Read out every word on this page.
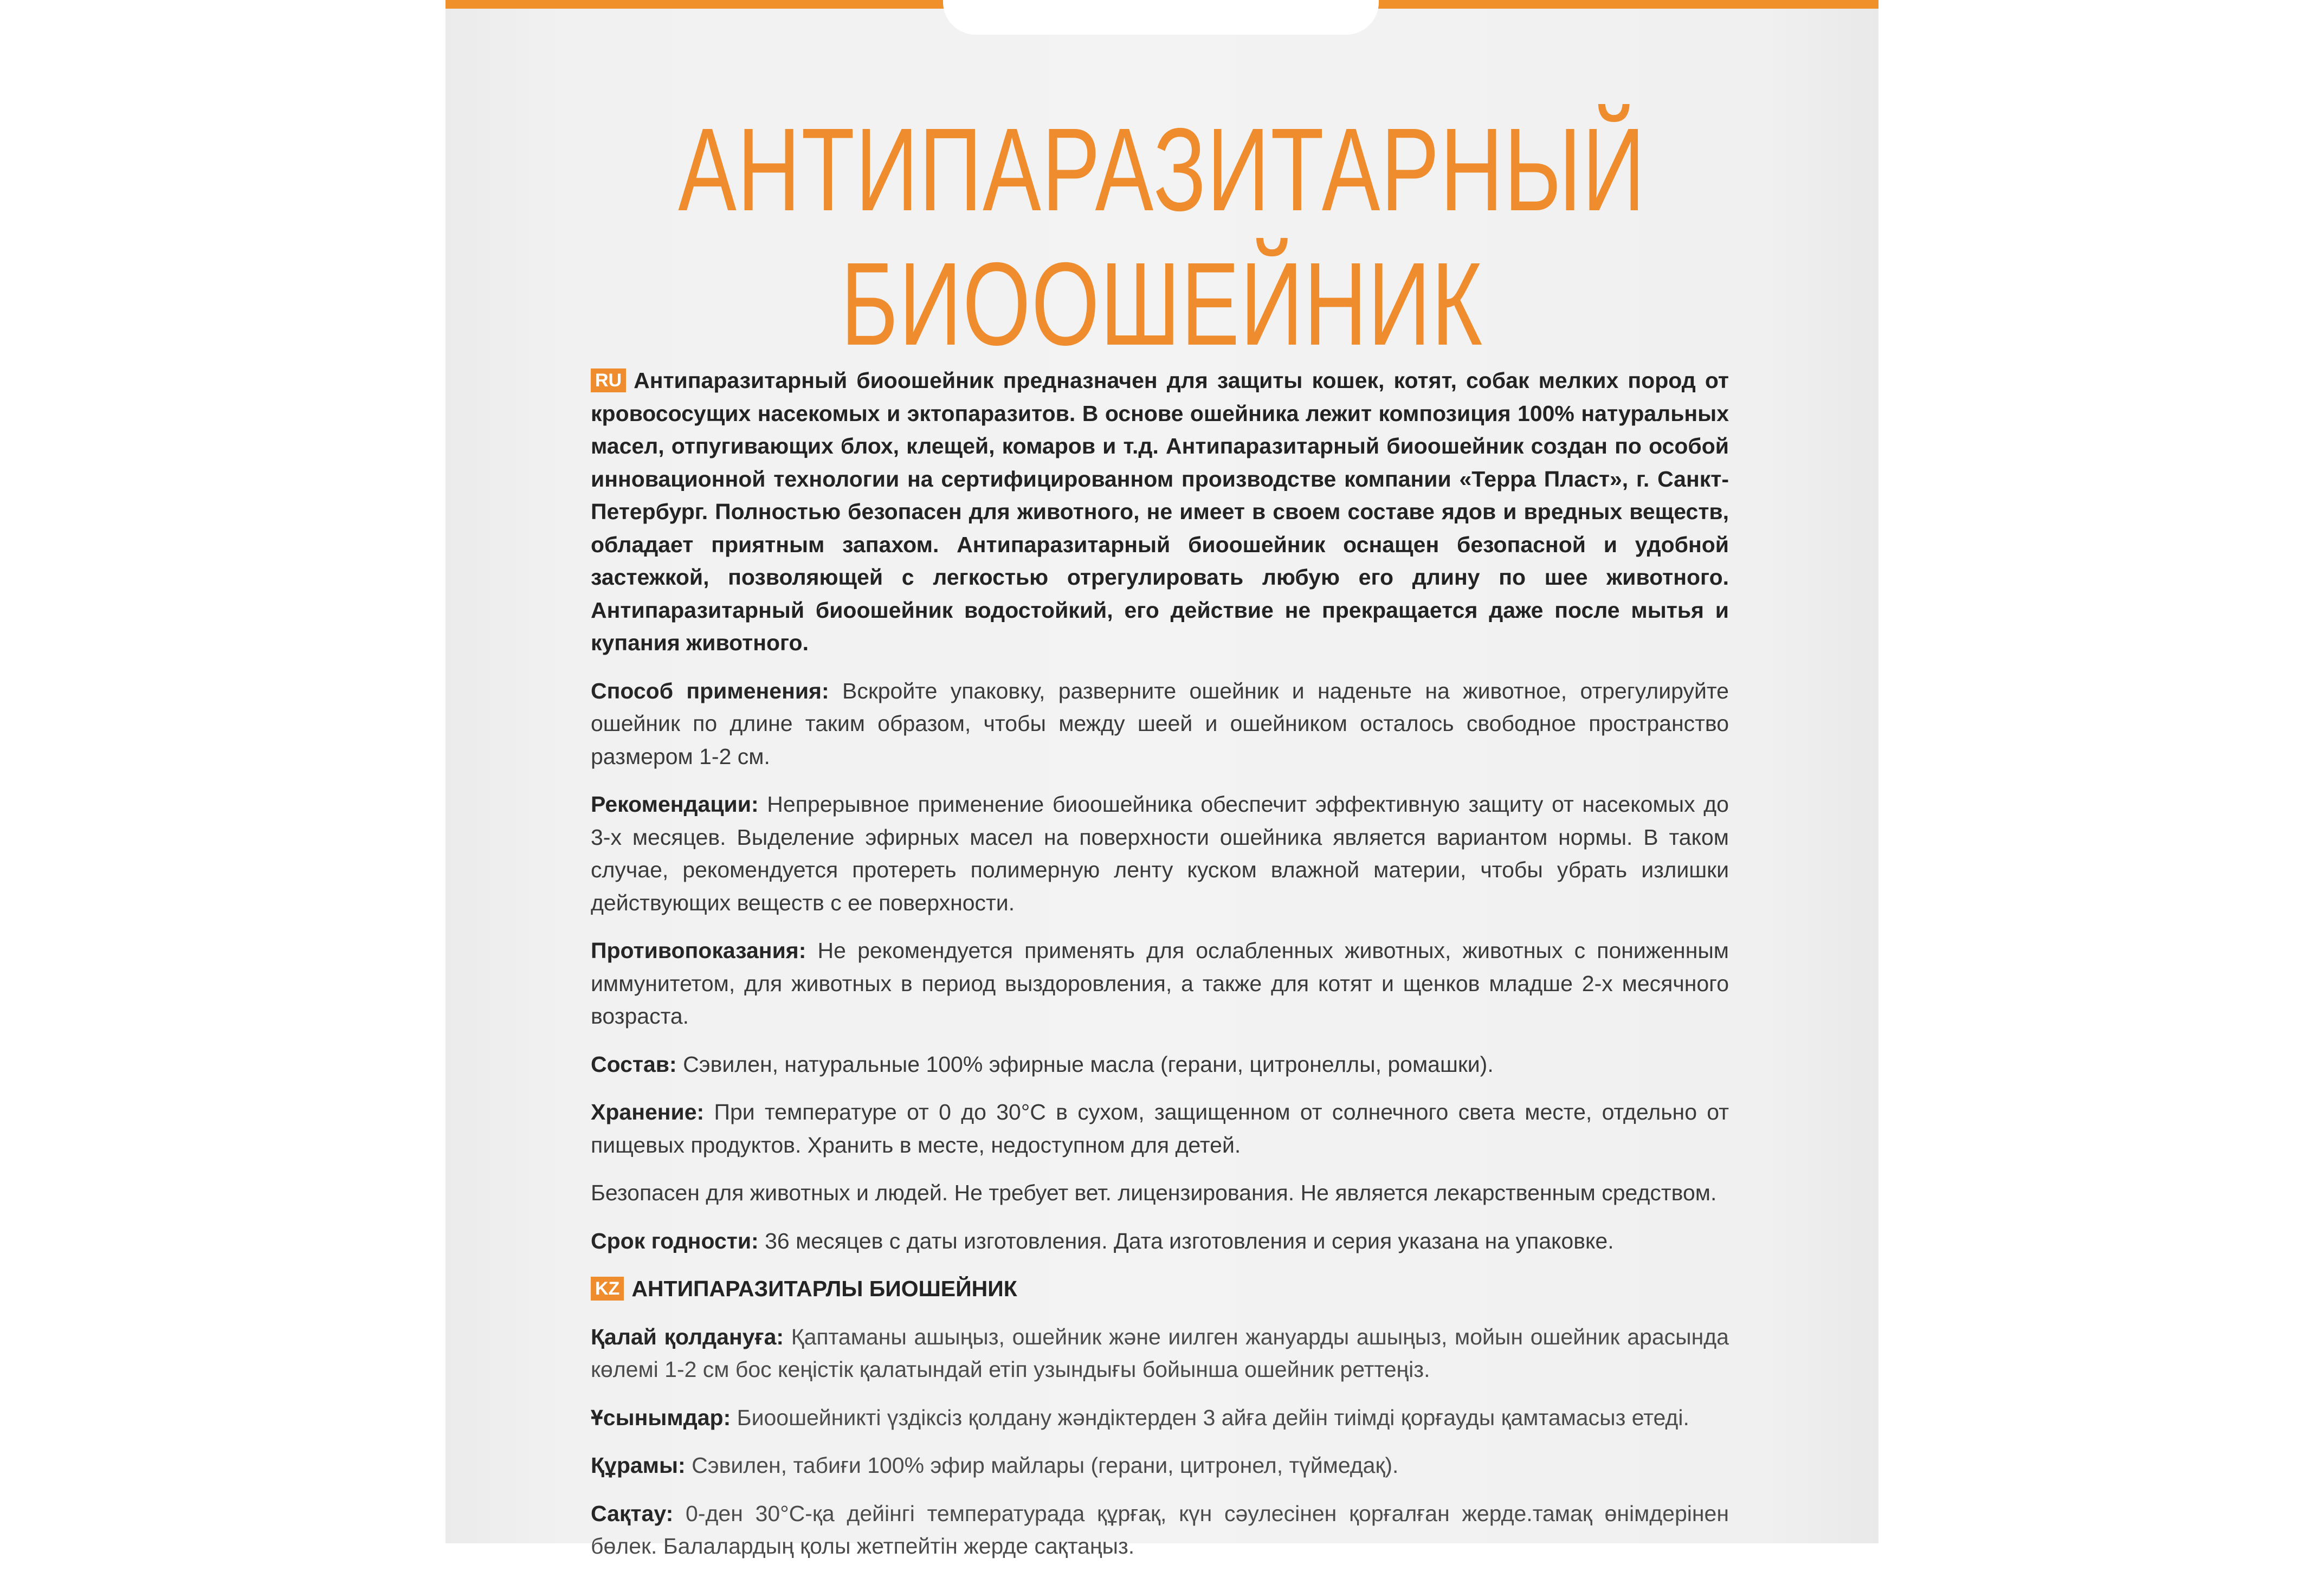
АНТИПАРАЗИТАРНЫЙ
БИООШЕЙНИК

RU Антипаразитарный биоошейник предназначен для защиты кошек, котят, собак мелких пород от кровососущих насекомых и эктопаразитов. В основе ошейника лежит композиция 100% натуральных масел, отпугивающих блох, клещей, комаров и т.д. Антипаразитарный биоошейник создан по особой инновационной технологии на сертифицированном производстве компании «Терра Пласт», г. Санкт-Петербург. Полностью безопасен для животного, не имеет в своем составе ядов и вредных веществ, обладает приятным запахом. Антипаразитарный биоошейник оснащен безопасной и удобной застежкой, позволяющей с легкостью отрегулировать любую его длину по шее животного. Антипаразитарный биоошейник водостойкий, его действие не прекращается даже после мытья и купания животного.

Способ применения: Вскройте упаковку, разверните ошейник и наденьте на животное, отрегулируйте ошейник по длине таким образом, чтобы между шеей и ошейником осталось свободное пространство размером 1-2 см.

Рекомендации: Непрерывное применение биоошейника обеспечит эффективную защиту от насекомых до 3-х месяцев. Выделение эфирных масел на поверхности ошейника является вариантом нормы. В таком случае, рекомендуется протереть полимерную ленту куском влажной материи, чтобы убрать излишки действующих веществ с ее поверхности.

Противопоказания: Не рекомендуется применять для ослабленных животных, животных с пониженным иммунитетом, для животных в период выздоровления, а также для котят и щенков младше 2-х месячного возраста.

Состав: Сэвилен, натуральные 100% эфирные масла (герани, цитронеллы, ромашки).

Хранение: При температуре от 0 до 30°С в сухом, защищенном от солнечного света месте, отдельно от пищевых продуктов. Хранить в месте, недоступном для детей.

Безопасен для животных и людей. Не требует вет. лицензирования. Не является лекарственным средством.

Срок годности: 36 месяцев с даты изготовления. Дата изготовления и серия указана на упаковке.

KZ АНТИПАРАЗИТАРЛЫ БИОШЕЙНИК

Қалай қолдануға: Қаптаманы ашыңыз, ошейник және иилген жануарды ашыңыз, мойын ошейник арасында көлемі 1-2 см бос кеңістік қалатындай етіп узындығы бойынша ошейник реттеңіз.

Ұсынымдар: Биоошейникті үздіксіз қолдану жәндіктерден 3 айға дейін тиімді қорғауды қамтамасыз етеді.

Құрамы: Сэвилен, табиғи 100% эфир майлары (герани, цитронел, түймедақ).

Сақтау: 0-ден 30°С-қа дейінгі температурада құрғақ, күн сәулесінен қорғалған жерде.тамақ өнімдерінен бөлек. Балалардың қолы жетпейтін жерде сақтаңыз.
